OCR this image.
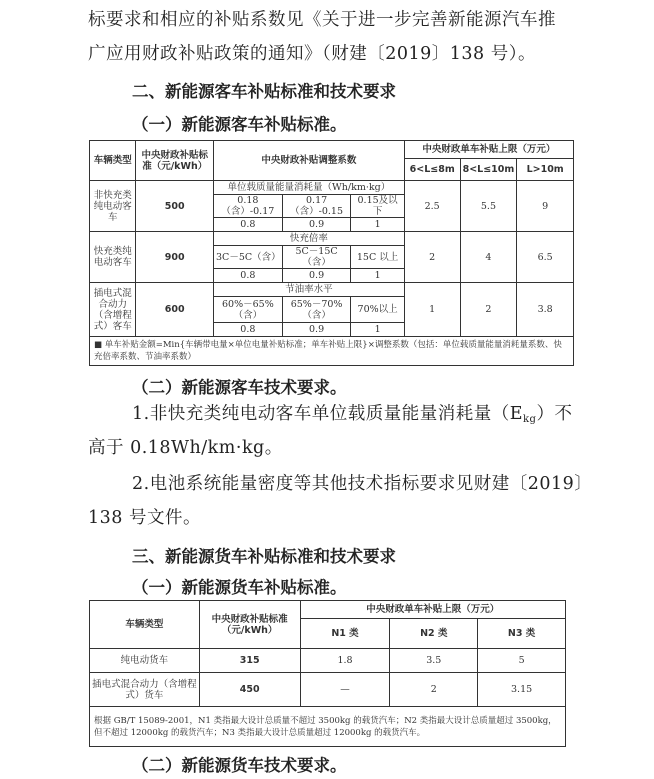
标要求和相应的补贴系数见《关于进一步完善新能源汽车推
广应用财政补贴政策的通知》（财建〔2019〕138 号）。
二、新能源客车补贴标准和技术要求
（一）新能源客车补贴标准。
车辆类型	中央财政补贴标准（元/kWh）	中央财政补贴调整系数			中央财政单车补贴上限（万元）		
					6<L≤8m	8<L≤10m	L>10m
非快充类纯电动客车	500	单位载质量能量消耗量（Wh/km·kg）			2.5	5.5	9
		0.18（含）-0.17	0.17（含）-0.15	0.15及以下			
		0.8	0.9	1			
快充类纯电动客车	900	快充倍率			2	4	6.5
		3C－5C（含）	5C－15C（含）	15C 以上			
		0.8	0.9	1			
插电式混合动力（含增程式）客车	600	节油率水平			1	2	3.8
		60%－65%（含）	65%－70%（含）	70%以上			
		0.8	0.9	1			
■ 单车补贴金额=Min{车辆带电量×单位电量补贴标准；单车补贴上限}×调整系数（包括：单位载质量能量消耗量系数、快充倍率系数、节油率系数）							
（二）新能源客车技术要求。
1.非快充类纯电动客车单位载质量能量消耗量$(E_{kg})$不
高于 0.18Wh/km·kg。
2.电池系统能量密度等其他技术指标要求见财建〔2019〕
138 号文件。
三、新能源货车补贴标准和技术要求
（一）新能源货车补贴标准。
车辆类型	中央财政补贴标准（元/kWh）	中央财政单车补贴上限（万元）		
		N1 类	N2 类	N3 类
纯电动货车	315	1.8	3.5	5
插电式混合动力（含增程式）货车	450	—	2	3.15
根据 GB/T 15089-2001，N1 类指最大设计总质量不超过 3500kg 的载货汽车；N2 类指最大设计总质量超过 3500kg，但不超过 12000kg 的载货汽车；N3 类指最大设计总质量超过 12000kg 的载货汽车。				
（二）新能源货车技术要求。
